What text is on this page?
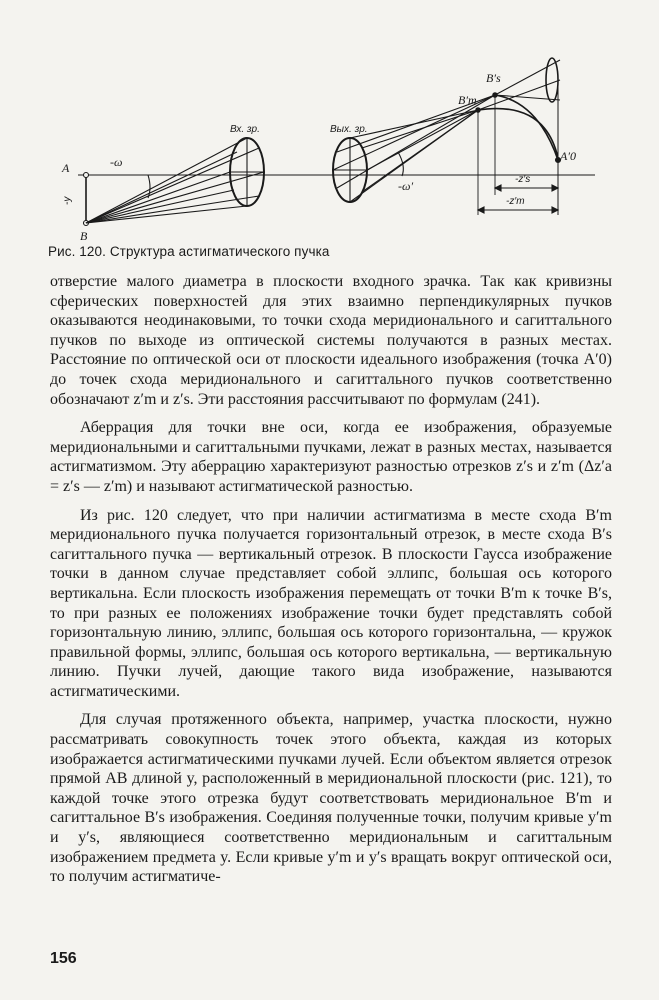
A
B
-y
-ω
Вх. зр.	Вых. зр.
-ω′
B′m
B′s
A′0
-z′s
-z′m
Рис. 120. Структура астигматического пучка

отверстие малого диаметра в плоскости входного зрачка. Так как кривизны сферических поверхностей для этих взаимно перпендикулярных пучков оказываются неодинаковыми, то точки схода меридионального и сагиттального пучков по выходе из оптической системы получаются в разных местах. Расстояние по оптической оси от плоскости идеального изображения (точка A′0) до точек схода меридионального и сагиттального пучков соответственно обозначают z′m и z′s. Эти расстояния рассчитывают по формулам (241).

Аберрация для точки вне оси, когда ее изображения, образуемые меридиональными и сагиттальными пучками, лежат в разных местах, называется астигматизмом. Эту аберрацию характеризуют разностью отрезков z′s и z′m (Δz′a = z′s — z′m) и называют астигматической разностью.

Из рис. 120 следует, что при наличии астигматизма в месте схода B′m меридионального пучка получается горизонтальный отрезок, в месте схода B′s сагиттального пучка — вертикальный отрезок. В плоскости Гаусса изображение точки в данном случае представляет собой эллипс, большая ось которого вертикальна. Если плоскость изображения перемещать от точки B′m к точке B′s, то при разных ее положениях изображение точки будет представлять собой горизонтальную линию, эллипс, большая ось которого горизонтальна, — кружок правильной формы, эллипс, большая ось которого вертикальна, — вертикальную линию. Пучки лучей, дающие такого вида изображение, называются астигматическими.

Для случая протяженного объекта, например, участка плоскости, нужно рассматривать совокупность точек этого объекта, каждая из которых изображается астигматическими пучками лучей. Если объектом является отрезок прямой AB длиной y, расположенный в меридиональной плоскости (рис. 121), то каждой точке этого отрезка будут соответствовать меридиональное B′m и сагиттальное B′s изображения. Соединяя полученные точки, получим кривые y′m и y′s, являющиеся соответственно меридиональным и сагиттальным изображением предмета y. Если кривые y′m и y′s вращать вокруг оптической оси, то получим астигматиче-

156
